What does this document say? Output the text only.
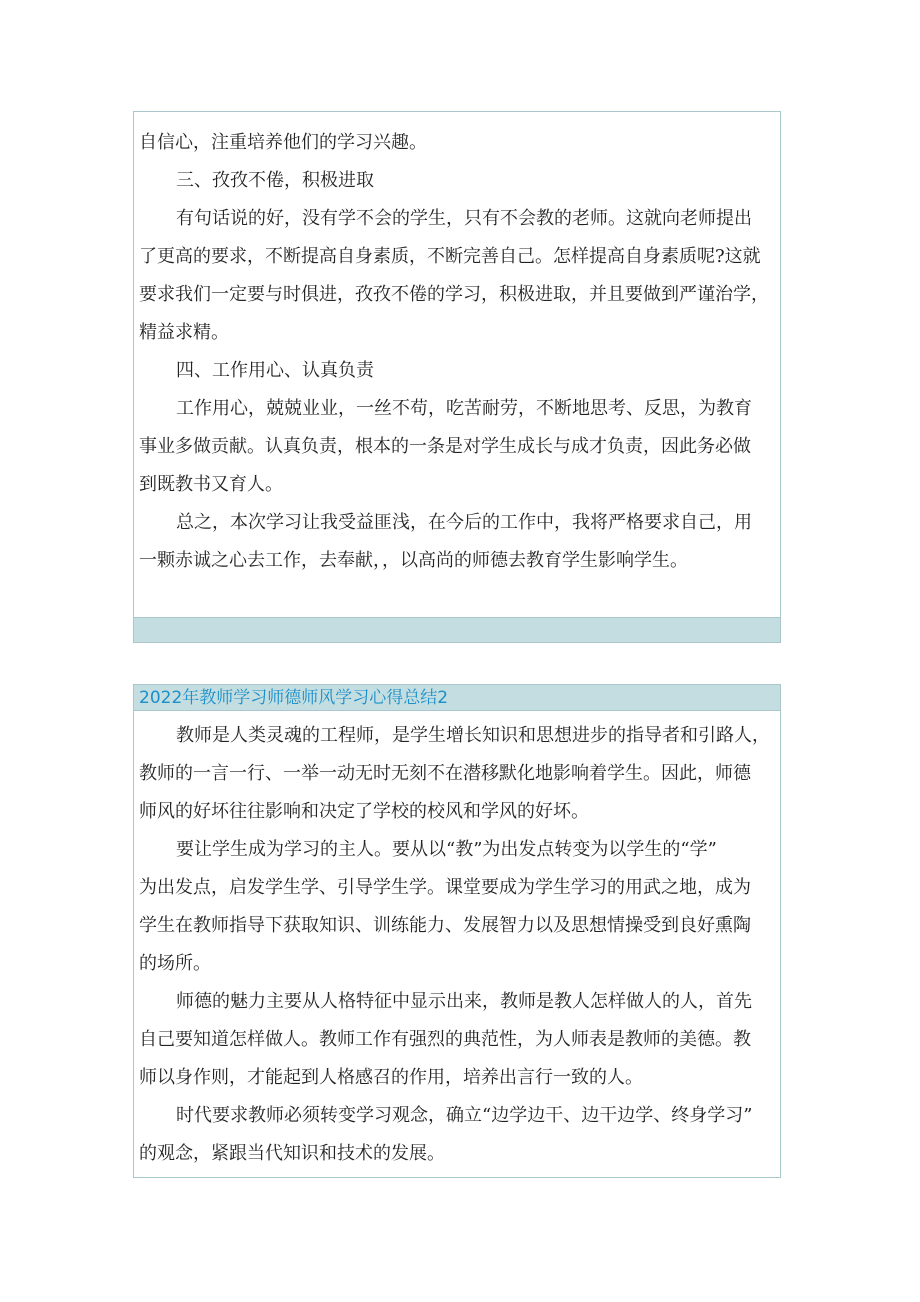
自信心，注重培养他们的学习兴趣。
三、孜孜不倦，积极进取
有句话说的好，没有学不会的学生，只有不会教的老师。这就向老师提出
了更高的要求，不断提高自身素质，不断完善自己。怎样提高自身素质呢?这就
要求我们一定要与时俱进，孜孜不倦的学习，积极进取，并且要做到严谨治学，
精益求精。
四、工作用心、认真负责
工作用心，兢兢业业，一丝不苟，吃苦耐劳，不断地思考、反思，为教育
事业多做贡献。认真负责，根本的一条是对学生成长与成才负责，因此务必做
到既教书又育人。
总之，本次学习让我受益匪浅，在今后的工作中，我将严格要求自己，用
一颗赤诚之心去工作，去奉献，，以高尚的师德去教育学生影响学生。
2022年教师学习师德师风学习心得总结2
教师是人类灵魂的工程师，是学生增长知识和思想进步的指导者和引路人，
教师的一言一行、一举一动无时无刻不在潜移默化地影响着学生。因此，师德
师风的好坏往往影响和决定了学校的校风和学风的好坏。
要让学生成为学习的主人。要从以“教”为出发点转变为以学生的“学”
为出发点，启发学生学、引导学生学。课堂要成为学生学习的用武之地，成为
学生在教师指导下获取知识、训练能力、发展智力以及思想情操受到良好熏陶
的场所。
师德的魅力主要从人格特征中显示出来，教师是教人怎样做人的人，首先
自己要知道怎样做人。教师工作有强烈的典范性，为人师表是教师的美德。教
师以身作则，才能起到人格感召的作用，培养出言行一致的人。
时代要求教师必须转变学习观念，确立“边学边干、边干边学、终身学习”
的观念，紧跟当代知识和技术的发展。
